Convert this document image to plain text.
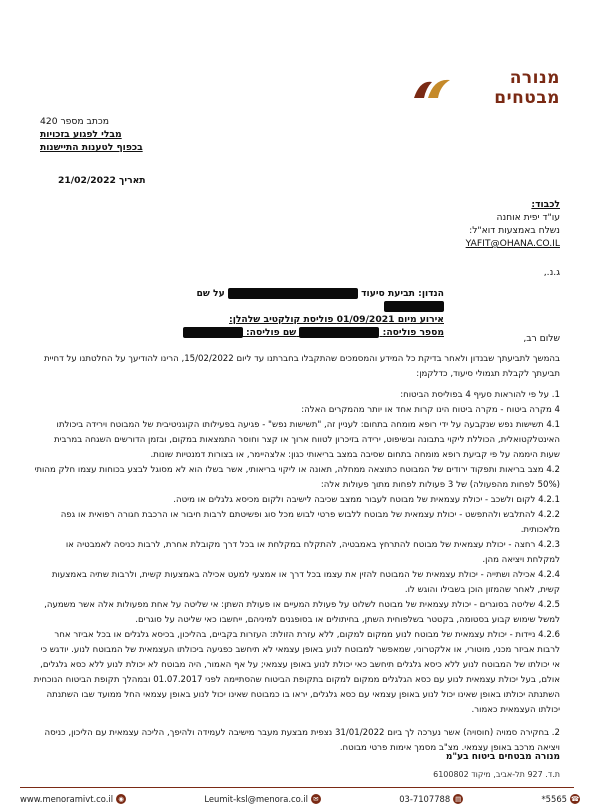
מנורה
מבטחים
מכתב מספר 420
מבלי לפגוע בזכויות
בכפוף לטענות התיישנות
תאריך 21/02/2022
לכבוד:
עו"ד יפית אוחנה
נשלח באמצעות דוא"ל:
YAFIT@OHANA.CO.IL
ג.נ.,
הנדון: תביעת סיעוד  על שם
אירוע מיום 01/09/2021 פוליסת קולקטיב שלהלן:
מספר פוליסה:  שם פוליסה:
שלום רב,

בהמשך לתביעתך שבנדון ולאחר בדיקת כל המידע והמסמכים שהתקבלו בחברתנו עד ליום 15/02/2022, הרינו להודיעך על החלטתנו על דחיית תביעתך לקבלת תגמולי סיעוד, כדלקמן:

1. על פי להוראות סעיף 4 בפוליסת הביטוח:

4 מקרה ביטוח - מקרה ביטוח הינו קרות אחד או יותר מהמקרים האלה:

4.1 תשישות נפש שנקבעה על ידי רופא מומחה בתחום: לעניין זה, "תשישות נפש" - פגיעה בפעילותו הקוגניטיבית של המבוטח וירידה ביכולתו האינטלקטואלית, הכוללת ליקוי בתבונה ובשיפוט, ירידה בזיכרון לטווח ארוך או קצר וחוסר התמצאות במקום, ובזמן הדורשים השגחה במרבית שעות היממה על פי קביעת רופא מומחה בתחום שסיבה במצב בריאותי כגון: אלצהיימר, או בצורות דמנטיות שונות.

4.2 מצב בריאות ותפקוד ירודים של המבוטח כתוצאה ממחלה, תאונה או ליקוי בריאותי, אשר בשלו הוא לא מסוגל לבצע בכוחות עצמו חלק מהותי (50% לפחות מהפעולה) של 3 פעולות לפחות מתוך פעולות אלה:

4.2.1 לקום ולשכב - יכולת עצמאית של מבוטח לעבור ממצב שכיבה לישיבה ולקום מכיסא גלגלים או מיטה.

4.2.2 להתלבש ולהתפשט - יכולת עצמאית של מבוטח ללבוש פרטי לבוש מכל סוג ופשיטתם לרבות חיבור או הרכבת חגורה רפואית או גפה מלאכותית.

4.2.3 רחצה - יכולת עצמאית של מבוטח להתרחץ באמבטיה, להתקלח במקלחת או בכל דרך מקובלת אחרת, לרבות כניסה לאמבטיה או למקלחת ויציאה מהן.

4.2.4 אכילה ושתייה - יכולת עצמאית של המבוטח להזין את עצמו בכל דרך או אמצעי למעט אכילה באמצעות קשית, ולרבות שתיה באמצעות קשית, לאחר שהמזון הוכן בשבילו והוגש לו.

4.2.5 שליטה בסוגרים - יכולת עצמאית של מבוטח לשלוט על פעולת המעיים או פעולת השתן: אי שליטה על אחת מפעולות אלה אשר משמעה, למשל שימוש קבוע בסטומה, בקטטר בשלפוחית השתן, בחיתולים או בסופגנים למיניהם, ייחשבו כאי שליטה על סוגרים.

4.2.6 ניידות - יכולת עצמאית של מבוטח לנוע ממקום למקום, ללא עזרת הזולת: העזרות בקביים, בהליכון, בכיסא גלגלים או בכל אביזר אחר לרבות אביזר מכני, מוטורי, או אלקטרוני, שמאפשר למבוטח לנוע באופן עצמאי לא תיחשב כפגיעה ביכולתו העצמאית של המבוטח לנוע. יודגש כי אי יכולתו של המבוטח לנוע ללא כיסא גלגלים תיחשב כאי יכולת לנוע באופן עצמאי; על אף האמור, היה מבוטח לא יכולת לנוע ללא כסא גלגלים, אולם, בעל יכולת עצמאית לנוע עם כסא הגלגלים ממקום למקום בתקופת הביטוח שהסתיימה לפני 01.07.2017 ובמהלך תקופת הביטוח הנוכחית השתנתה יכולתו באופן שאינו יכול לנוע באופן עצמאי עם כסא גלגלים, יראו בו כמבוטח שאינו יכול לנוע באופן עצמאי החל ממועד שבו השתנתה יכולתו העצמאית כאמור.

2. בחקירה סמויה (חוסויה) אשר נערכה לך ביום 31/01/2022 נצפית מבצעת מעבר מישיבה לעמידה ולהיפך, הליכה עצמאית עם הליכון, כניסה ויציאה מרכב באופן עצמאי. מצ"ב מסמך אימות פרטי מבוטח.

מנורה מבטחים ביטוח בע"מ
ת.ד. 927 תל-אביב, מיקוד 6100802
www.menoramivt.co.il ◉	Leumit-ksl@menora.co.il ✉	03-7107788 ▤	*5565 ☎
